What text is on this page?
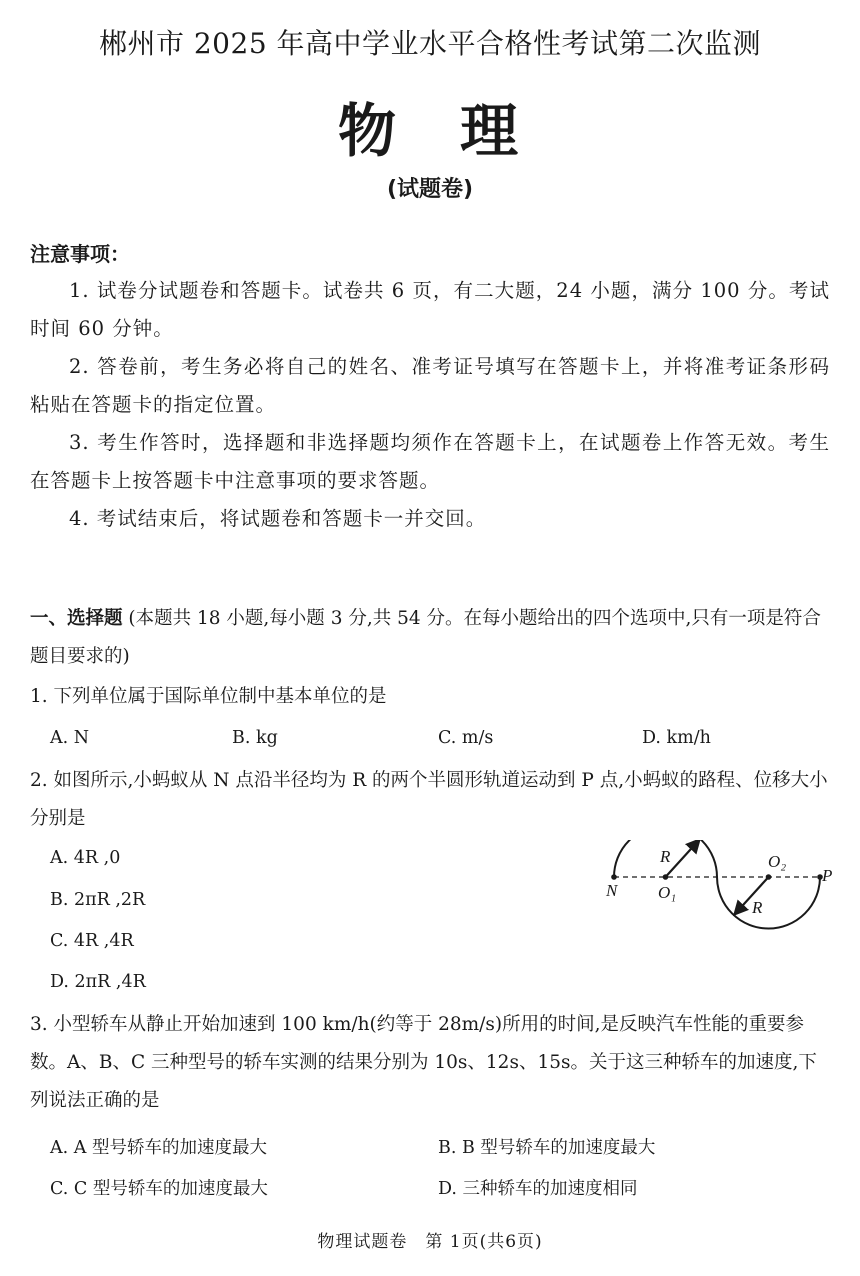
郴州市 2025 年高中学业水平合格性考试第二次监测
物 理
(试题卷)
注意事项：

1. 试卷分试题卷和答题卡。试卷共 6 页，有二大题，24 小题，满分 100 分。考试时间 60 分钟。

2. 答卷前，考生务必将自己的姓名、准考证号填写在答题卡上，并将准考证条形码粘贴在答题卡的指定位置。

3. 考生作答时，选择题和非选择题均须作在答题卡上，在试题卷上作答无效。考生在答题卡上按答题卡中注意事项的要求答题。

4. 考试结束后，将试题卷和答题卡一并交回。

一、选择题 (本题共 18 小题,每小题 3 分,共 54 分。在每小题给出的四个选项中,只有一项是符合题目要求的)
1. 下列单位属于国际单位制中基本单位的是
A. N	B. kg	C. m/s	D. km/h
2. 如图所示,小蚂蚁从 N 点沿半径均为 R 的两个半圆形轨道运动到 P 点,小蚂蚁的路程、位移大小分别是
A. 4R ,0
B. 2πR ,2R
C. 4R ,4R
D. 2πR ,4R
R	O₂
P
N O₁
R
3. 小型轿车从静止开始加速到 100 km/h(约等于 28m/s)所用的时间,是反映汽车性能的重要参数。A、B、C 三种型号的轿车实测的结果分别为 10s、12s、15s。关于这三种轿车的加速度,下列说法正确的是
A. A 型号轿车的加速度最大	B. B 型号轿车的加速度最大
C. C 型号轿车的加速度最大	D. 三种轿车的加速度相同
物理试题卷　第 1页(共6页)
